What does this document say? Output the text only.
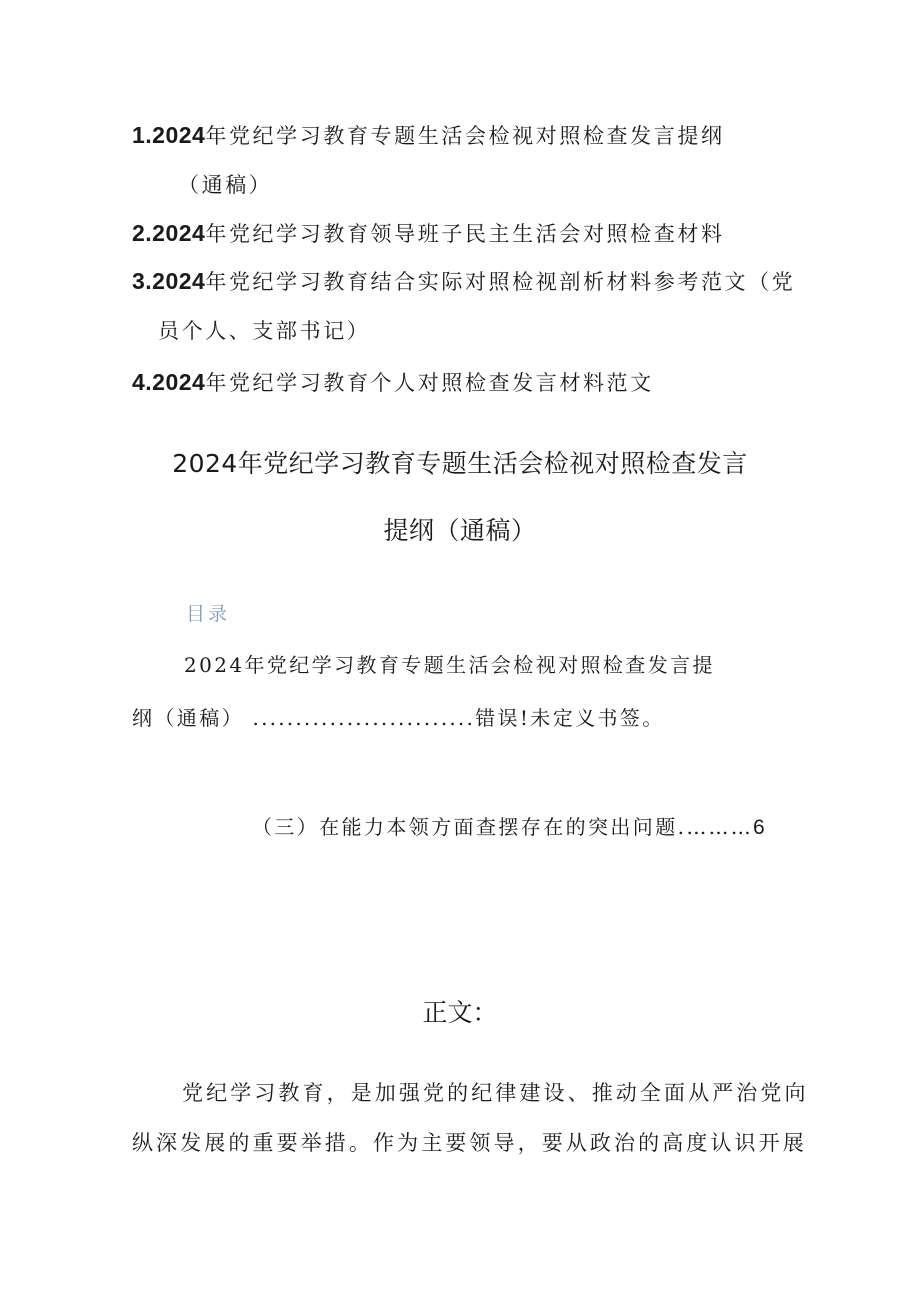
1.2024年党纪学习教育专题生活会检视对照检查发言提纲
（通稿）
2.2024年党纪学习教育领导班子民主生活会对照检查材料
3.2024年党纪学习教育结合实际对照检视剖析材料参考范文（党
员个人、支部书记）
4.2024年党纪学习教育个人对照检查发言材料范文
2024年党纪学习教育专题生活会检视对照检查发言
提纲（通稿）
目录
2024年党纪学习教育专题生活会检视对照检查发言提
纲（通稿） ..........................错误!未定义书签。
（三）在能力本领方面查摆存在的突出问题.………6
正文：
党纪学习教育，是加强党的纪律建设、推动全面从严治党向
纵深发展的重要举措。作为主要领导，要从政治的高度认识开展
